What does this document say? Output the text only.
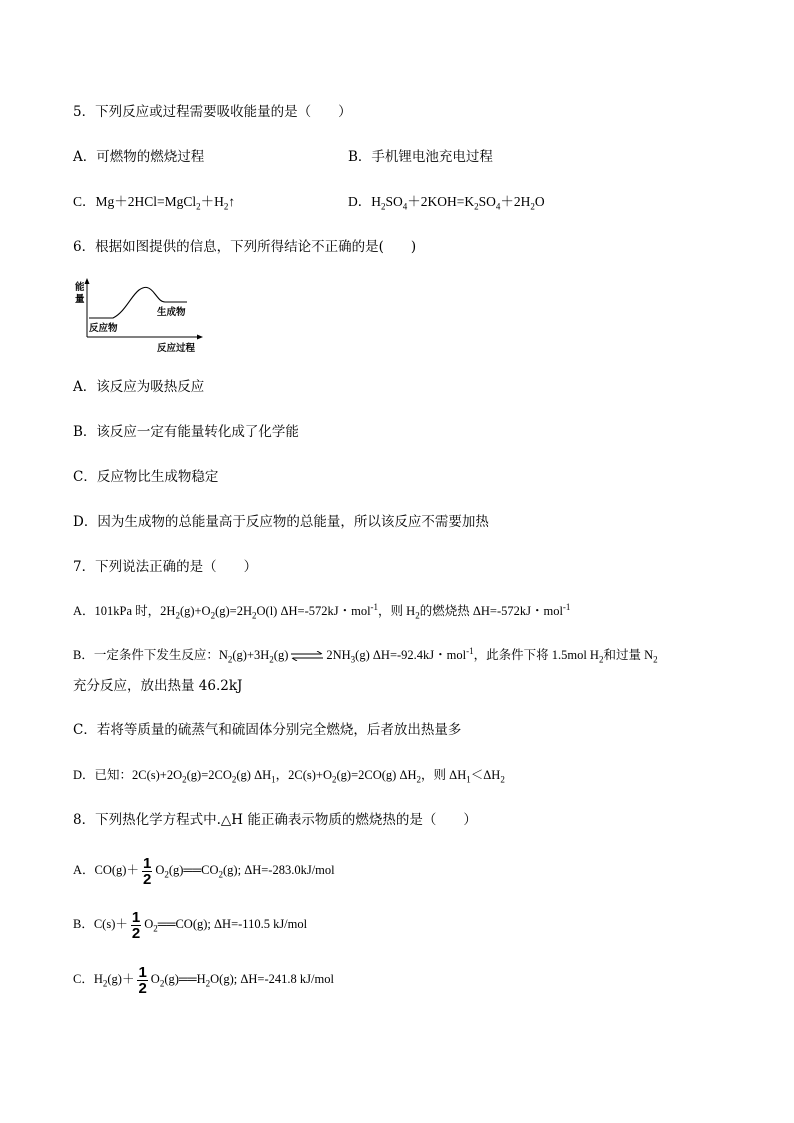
5．下列反应或过程需要吸收能量的是（　　）
A．可燃物的燃烧过程	B．手机锂电池充电过程
C．$Mg+2HCl=MgCl_2+H_2↑$	D．$H_2SO_4+2KOH=K_2SO_4+2H_2O$
6．根据如图提供的信息，下列所得结论不正确的是(　　)
能
量
反应物
生成物
反应过程
A．该反应为吸热反应
B．该反应一定有能量转化成了化学能
C．反应物比生成物稳定
D．因为生成物的总能量高于反应物的总能量，所以该反应不需要加热
7．下列说法正确的是（　　）
A．101kPa 时，$2H_2(g)+O_2(g)=2H_2O(l)$ ΔH=-572kJ・mol$^{-1}$，则 $H_2$的燃烧热 ΔH=-572kJ・mol$^{-1}$
B．一定条件下发生反应：$N_2(g)+3H_2(g)$ ⇌ $2NH_3(g)$ ΔH=-92.4kJ・mol$^{-1}$，此条件下将 1.5mol $H_2$和过量 $N_2$
充分反应，放出热量 46.2kJ
C．若将等质量的硫蒸气和硫固体分别完全燃烧，后者放出热量多
D．已知：$2C(s)+2O_2(g)=2CO_2(g)$ $\Delta H_1$，$2C(s)+O_2(g)=2CO(g)$ $\Delta H_2$，则 $\Delta H_1<\Delta H_2$
8．下列热化学方程式中.△H 能正确表示物质的燃烧热的是（　　）
A．$CO(g)+ \frac{1}{2}$ $O_2(g)══CO_2(g)$; ΔH=-283.0kJ/mol
B．$C(s)+ \frac{1}{2}$ $O_2══CO(g)$; ΔH=-110.5 kJ/mol
C．$H_2(g)+ \frac{1}{2}$ $O_2(g)══H_2O(g)$; ΔH=-241.8 kJ/mol
